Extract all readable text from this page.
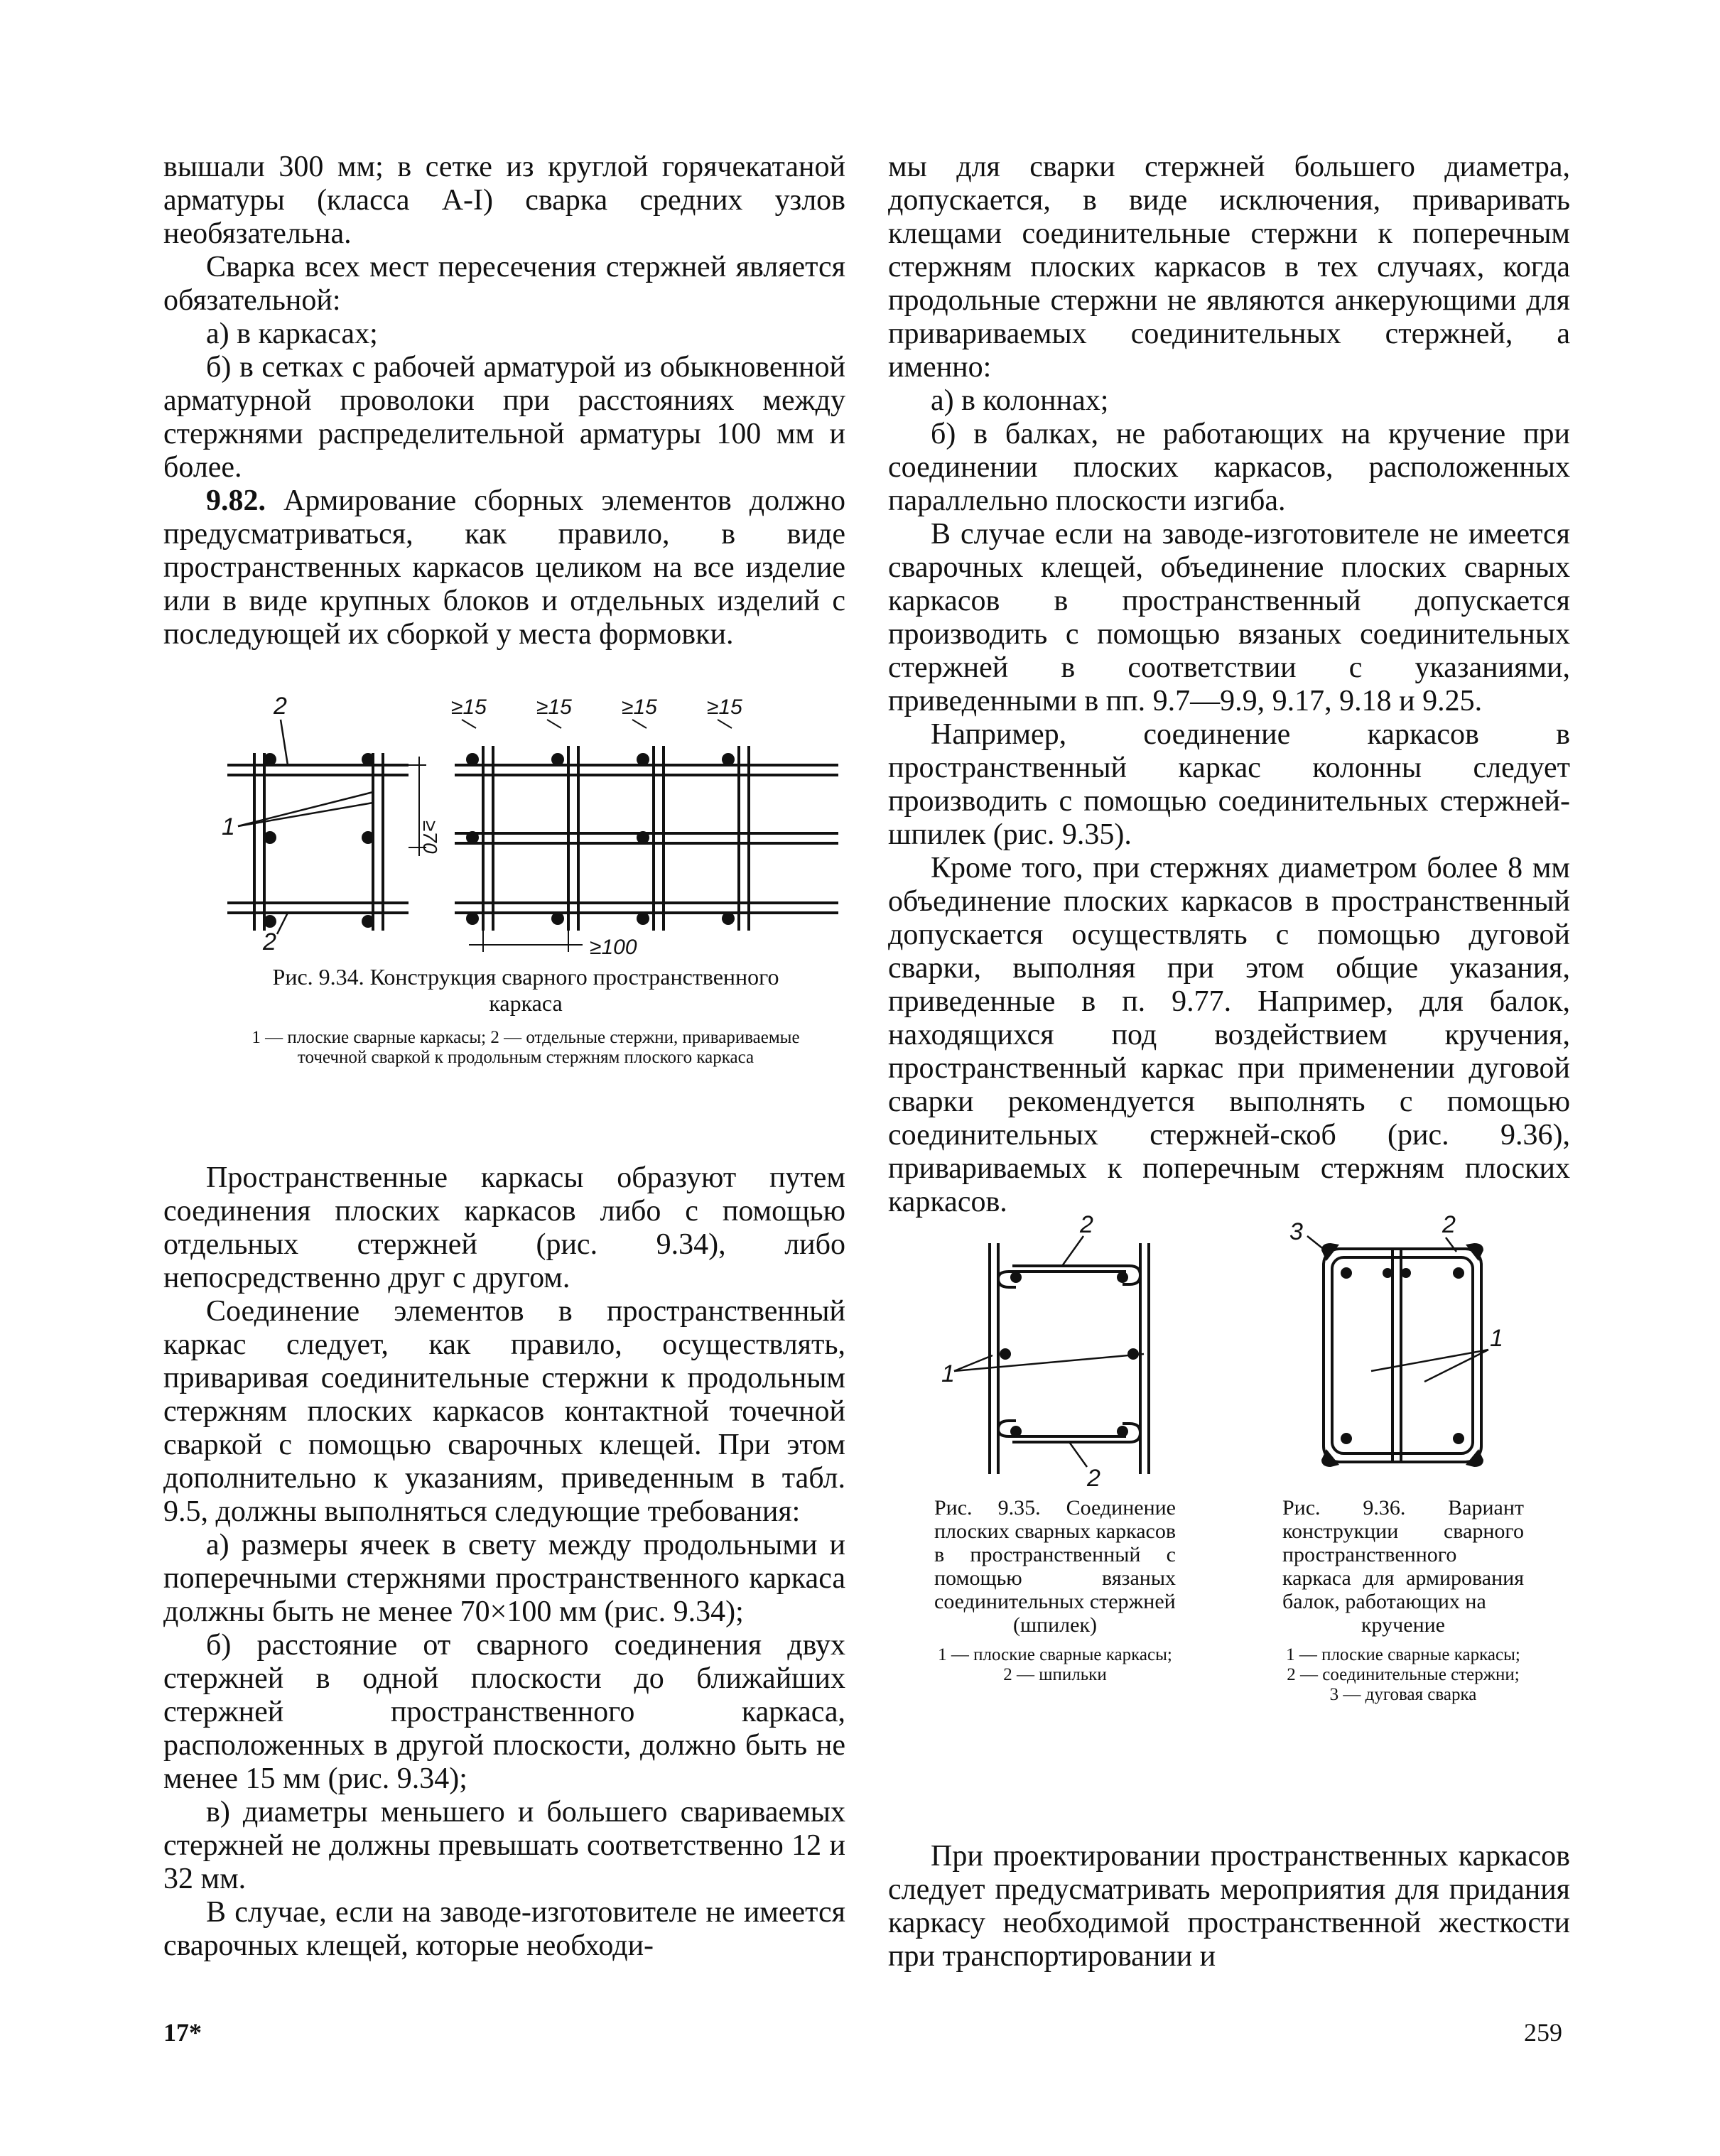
вышали 300 мм; в сетке из круглой горячекатаной арматуры (класса А-I) сварка средних узлов необязательна.

Сварка всех мест пересечения стержней является обязательной:

а) в каркасах;

б) в сетках с рабочей арматурой из обыкновенной арматурной проволоки при расстояниях между стержнями распределительной арматуры 100 мм и более.

9.82. Армирование сборных элементов должно предусматриваться, как правило, в виде пространственных каркасов целиком на все изделие или в виде крупных блоков и отдельных изделий с последующей их сборкой у места формовки.

2
1
2
≥70
≥15 ≥15 ≥15 ≥15
≥100
Рис. 9.34. Конструкция сварного пространственного каркаса
1 — плоские сварные каркасы; 2 — отдельные стержни, привариваемые точечной сваркой к продольным стержням плоского каркаса

Пространственные каркасы образуют путем соединения плоских каркасов либо с помощью отдельных стержней (рис. 9.34), либо непосредственно друг с другом.

Соединение элементов в пространственный каркас следует, как правило, осуществлять, приваривая соединительные стержни к продольным стержням плоских каркасов контактной точечной сваркой с помощью сварочных клещей. При этом дополнительно к указаниям, приведенным в табл. 9.5, должны выполняться следующие требования:

а) размеры ячеек в свету между продольными и поперечными стержнями пространственного каркаса должны быть не менее 70×100 мм (рис. 9.34);

б) расстояние от сварного соединения двух стержней в одной плоскости до ближайших стержней пространственного каркаса, расположенных в другой плоскости, должно быть не менее 15 мм (рис. 9.34);

в) диаметры меньшего и большего свариваемых стержней не должны превышать соответственно 12 и 32 мм.

В случае, если на заводе-изготовителе не имеется сварочных клещей, которые необходи-

мы для сварки стержней большего диаметра, допускается, в виде исключения, приваривать клещами соединительные стержни к поперечным стержням плоских каркасов в тех случаях, когда продольные стержни не являются анкерующими для привариваемых соединительных стержней, а именно:

а) в колоннах;

б) в балках, не работающих на кручение при соединении плоских каркасов, расположенных параллельно плоскости изгиба.

В случае если на заводе-изготовителе не имеется сварочных клещей, объединение плоских сварных каркасов в пространственный допускается производить с помощью вязаных соединительных стержней в соответствии с указаниями, приведенными в пп. 9.7—9.9, 9.17, 9.18 и 9.25.

Например, соединение каркасов в пространственный каркас колонны следует производить с помощью соединительных стержней-шпилек (рис. 9.35).

Кроме того, при стержнях диаметром более 8 мм объединение плоских каркасов в пространственный допускается осуществлять с помощью дуговой сварки, выполняя при этом общие указания, приведенные в п. 9.77. Например, для балок, находящихся под воздействием кручения, пространственный каркас при применении дуговой сварки рекомендуется выполнять с помощью соединительных стержней-скоб (рис. 9.36), привариваемых к поперечным стержням плоских каркасов.

2
1
2
Рис. 9.35. Соединение плоских сварных каркасов в пространственный с помощью вязаных соединительных стержней
(шпилек)
1 — плоские сварные каркасы; 2 — шпильки
3	2
1
Рис. 9.36. Вариант конструкции сварного пространственного каркаса для армирования балок, работающих на
кручение
1 — плоские сварные каркасы; 2 — соединительные стержни; 3 — дуговая сварка

При проектировании пространственных каркасов следует предусматривать мероприятия для придания каркасу необходимой пространственной жесткости при транспортировании и

17*	259
